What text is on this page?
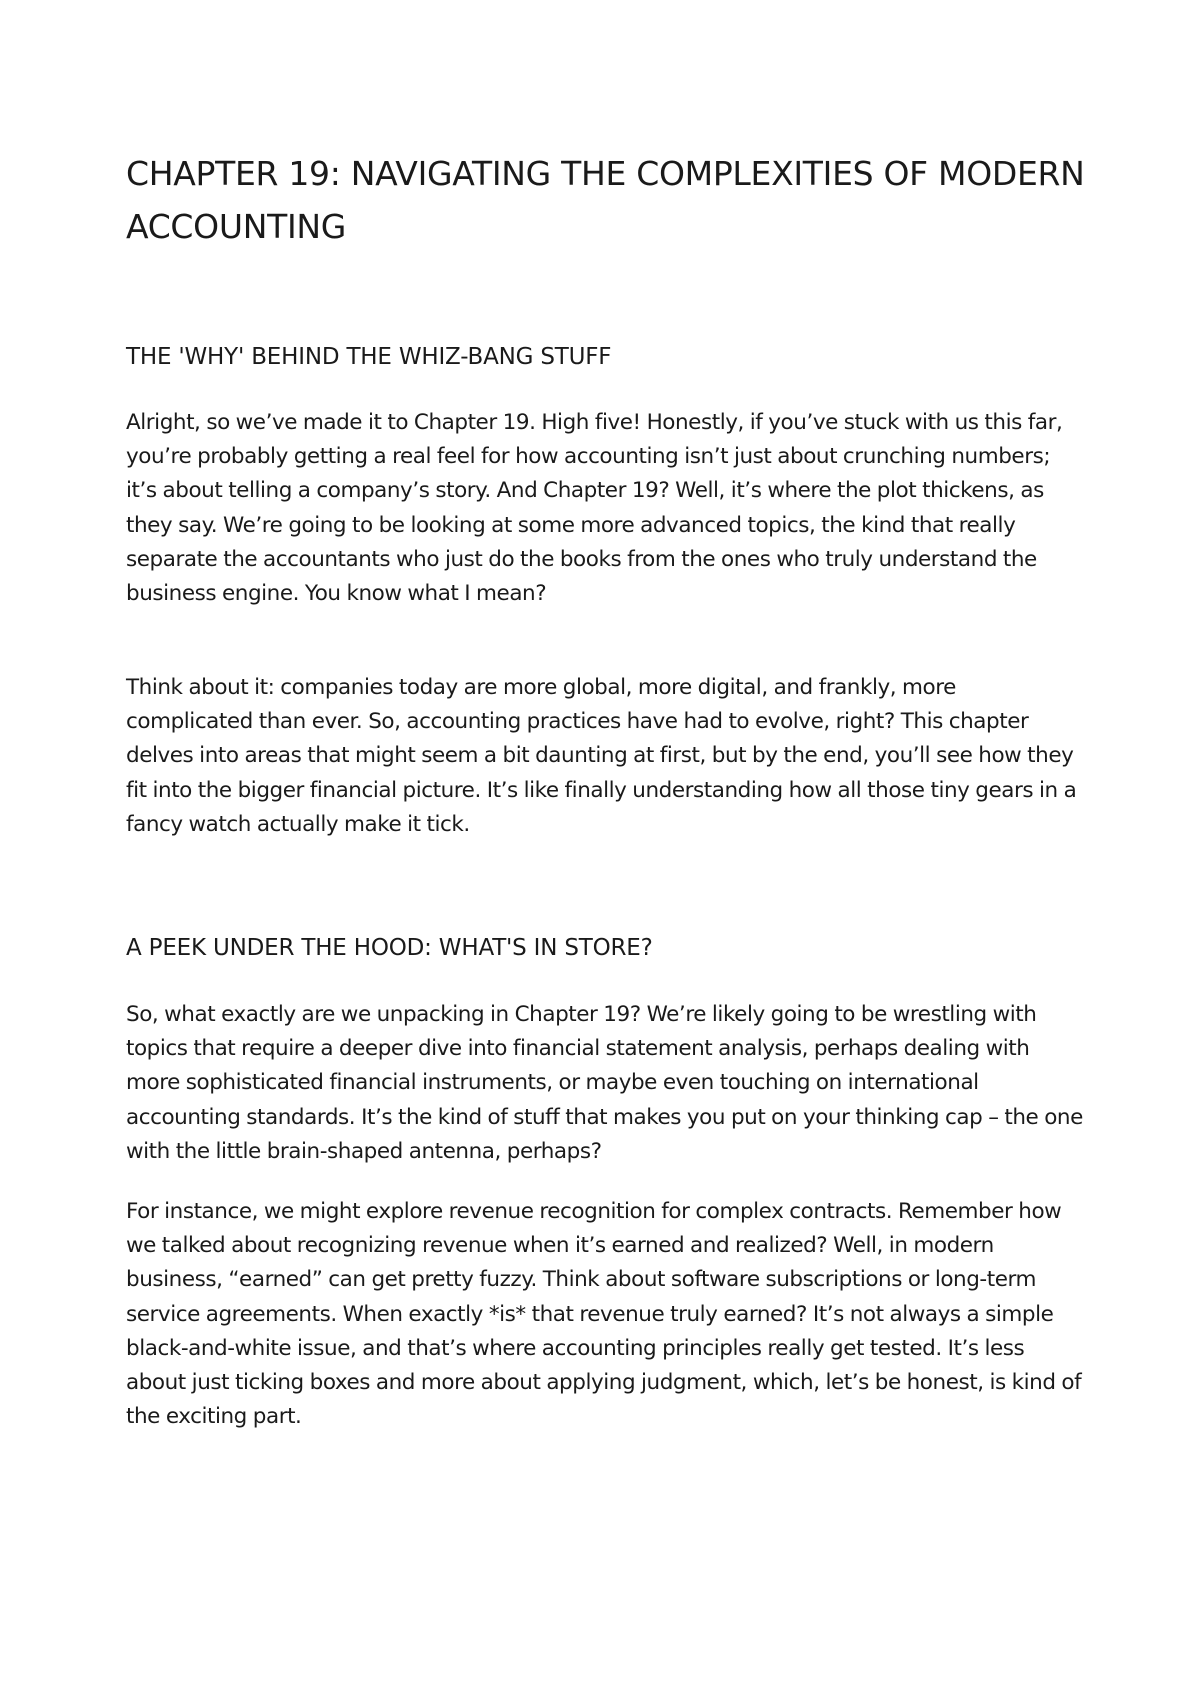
CHAPTER 19: NAVIGATING THE COMPLEXITIES OF MODERN ACCOUNTING
THE 'WHY' BEHIND THE WHIZ-BANG STUFF

Alright, so we’ve made it to Chapter 19. High five! Honestly, if you’ve stuck with us this far, you’re probably getting a real feel for how accounting isn’t just about crunching numbers; it’s about telling a company’s story. And Chapter 19? Well, it’s where the plot thickens, as they say. We’re going to be looking at some more advanced topics, the kind that really separate the accountants who just do the books from the ones who truly understand the business engine. You know what I mean?

Think about it: companies today are more global, more digital, and frankly, more complicated than ever. So, accounting practices have had to evolve, right? This chapter delves into areas that might seem a bit daunting at first, but by the end, you’ll see how they fit into the bigger financial picture. It’s like finally understanding how all those tiny gears in a fancy watch actually make it tick.

A PEEK UNDER THE HOOD: WHAT'S IN STORE?

So, what exactly are we unpacking in Chapter 19? We’re likely going to be wrestling with topics that require a deeper dive into financial statement analysis, perhaps dealing with more sophisticated financial instruments, or maybe even touching on international accounting standards. It’s the kind of stuff that makes you put on your thinking cap – the one with the little brain-shaped antenna, perhaps?

For instance, we might explore revenue recognition for complex contracts. Remember how we talked about recognizing revenue when it’s earned and realized? Well, in modern business, “earned” can get pretty fuzzy. Think about software subscriptions or long-term service agreements. When exactly *is* that revenue truly earned? It’s not always a simple black-and-white issue, and that’s where accounting principles really get tested. It’s less about just ticking boxes and more about applying judgment, which, let’s be honest, is kind of the exciting part.
